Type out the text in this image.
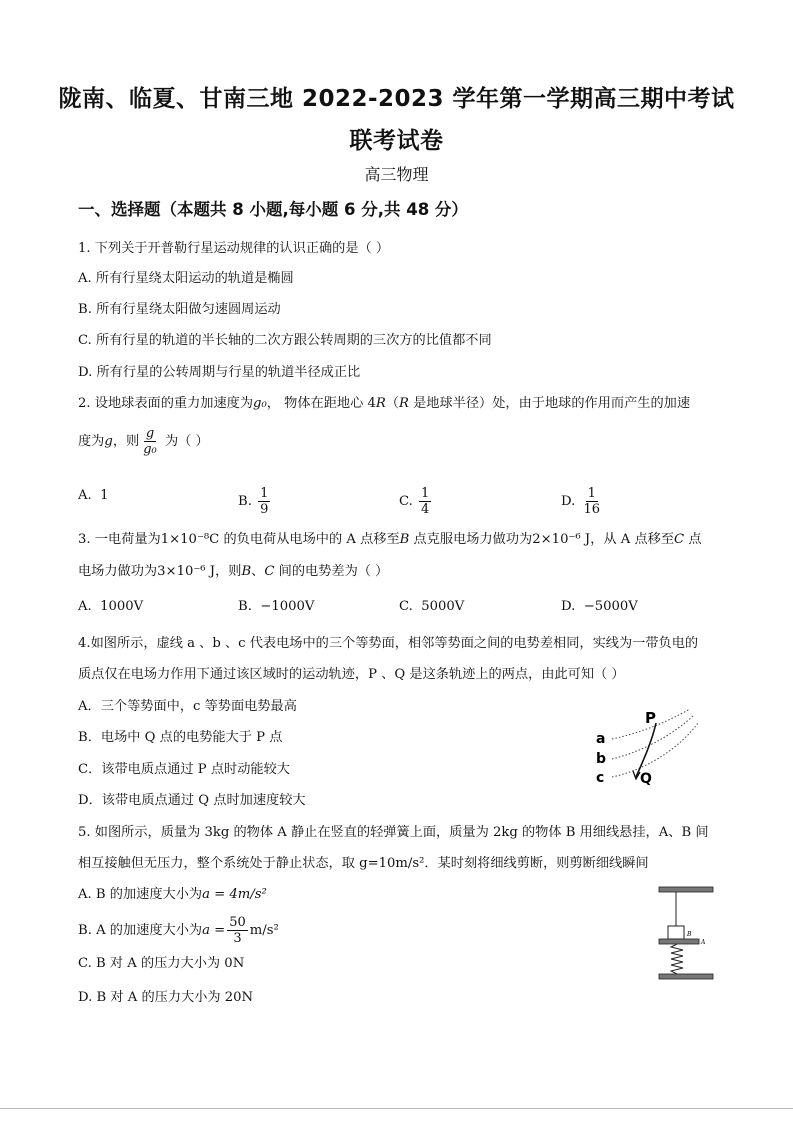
陇南、临夏、甘南三地 2022-2023 学年第一学期高三期中考试
联考试卷
高三物理
一、选择题（本题共 8 小题,每小题 6 分,共 48 分）
1. 下列关于开普勒行星运动规律的认识正确的是（ ）
A. 所有行星绕太阳运动的轨道是椭圆
B. 所有行星绕太阳做匀速圆周运动
C. 所有行星的轨道的半长轴的二次方跟公转周期的三次方的比值都不同
D. 所有行星的公转周期与行星的轨道半径成正比
2. 设地球表面的重力加速度为g₀， 物体在距地心 4R（R 是地球半径）处，由于地球的作用而产生的加速
度为g，则 $\frac{g}{\text{g₀}}$ 为（ ）
A. 1	B. $\frac{1}{9}$	C. $\frac{1}{4}$	D. $\frac{1}{16}$
3. 一电荷量为1×10⁻⁸C 的负电荷从电场中的 A 点移至B 点克服电场力做功为2×10⁻⁶ J，从 A 点移至C 点
电场力做功为3×10⁻⁶ J，则B、C 间的电势差为（ ）
A. 1000V	B. −1000V	C. 5000V	D. −5000V
4.如图所示，虚线 a 、b 、c 代表电场中的三个等势面，相邻等势面之间的电势差相同，实线为一带负电的
质点仅在电场力作用下通过该区域时的运动轨迹，P 、Q 是这条轨迹上的两点，由此可知（ ）
A．三个等势面中，c 等势面电势最高
B．电场中 Q 点的电势能大于 P 点
C．该带电质点通过 P 点时动能较大
D．该带电质点通过 Q 点时加速度较大
a
b
c
P
Q
5. 如图所示，质量为 3kg 的物体 A 静止在竖直的轻弹簧上面，质量为 2kg 的物体 B 用细线悬挂，A、B 间
相互接触但无压力，整个系统处于静止状态，取 g=10m/s²．某时刻将细线剪断，则剪断细线瞬间
A. B 的加速度大小为a = 4m/s²
B. A 的加速度大小为$a = \frac{50}{3} m/s^2$
C. B 对 A 的压力大小为 0N
D. B 对 A 的压力大小为 20N
B
A
